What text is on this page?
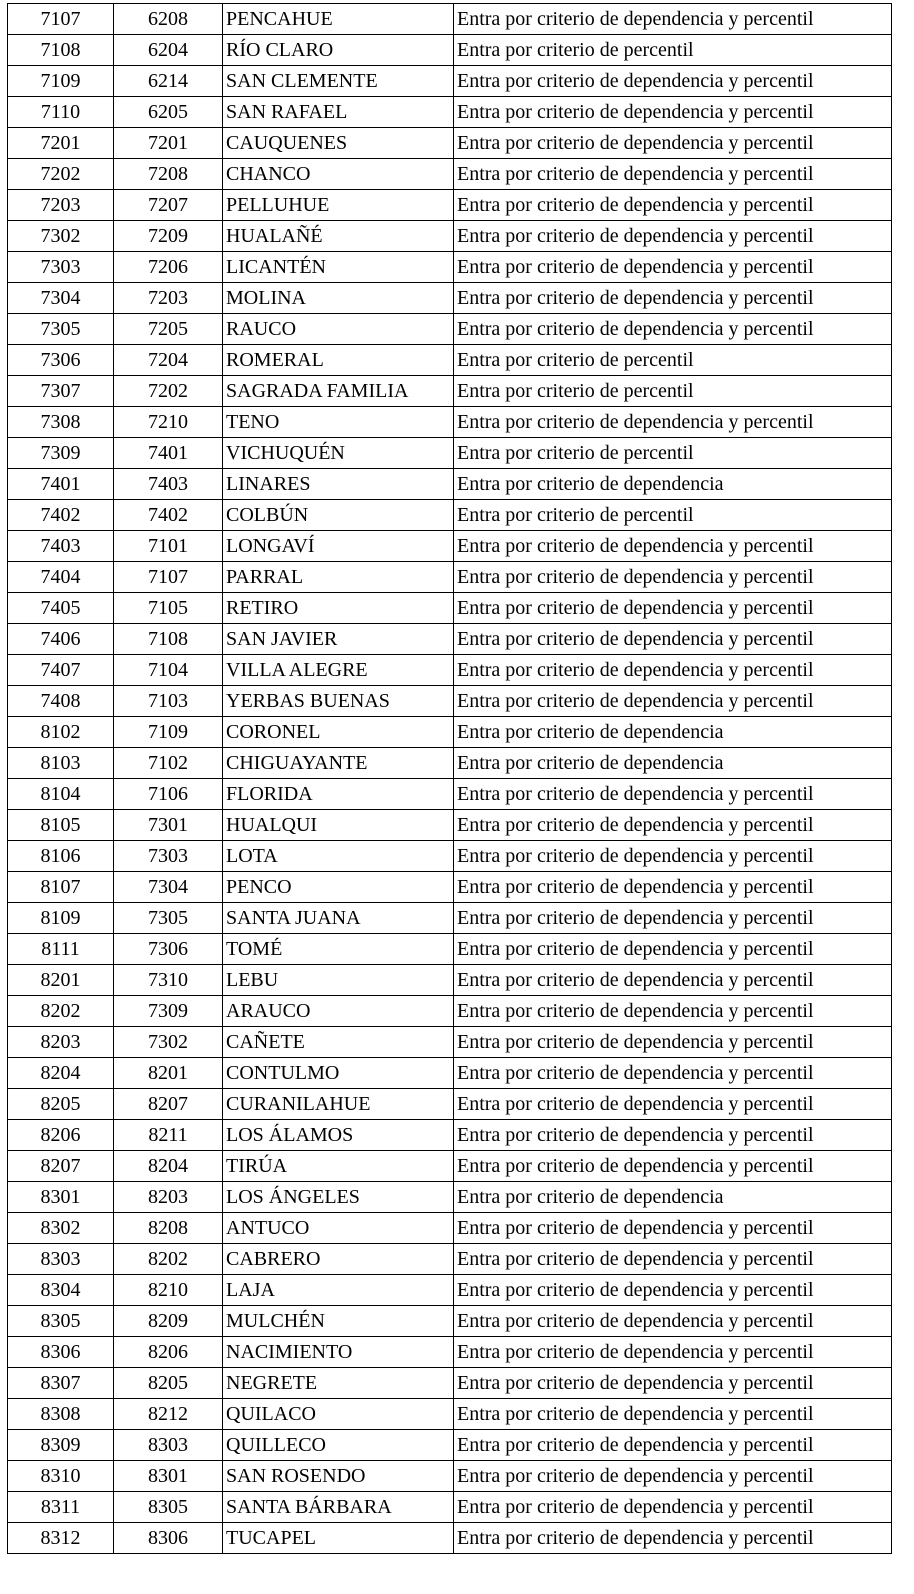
7107	6208	PENCAHUE	Entra por criterio de dependencia y percentil
7108	6204	RÍO CLARO	Entra por criterio de percentil
7109	6214	SAN CLEMENTE	Entra por criterio de dependencia y percentil
7110	6205	SAN RAFAEL	Entra por criterio de dependencia y percentil
7201	7201	CAUQUENES	Entra por criterio de dependencia y percentil
7202	7208	CHANCO	Entra por criterio de dependencia y percentil
7203	7207	PELLUHUE	Entra por criterio de dependencia y percentil
7302	7209	HUALAÑÉ	Entra por criterio de dependencia y percentil
7303	7206	LICANTÉN	Entra por criterio de dependencia y percentil
7304	7203	MOLINA	Entra por criterio de dependencia y percentil
7305	7205	RAUCO	Entra por criterio de dependencia y percentil
7306	7204	ROMERAL	Entra por criterio de percentil
7307	7202	SAGRADA FAMILIA	Entra por criterio de percentil
7308	7210	TENO	Entra por criterio de dependencia y percentil
7309	7401	VICHUQUÉN	Entra por criterio de percentil
7401	7403	LINARES	Entra por criterio de dependencia
7402	7402	COLBÚN	Entra por criterio de percentil
7403	7101	LONGAVÍ	Entra por criterio de dependencia y percentil
7404	7107	PARRAL	Entra por criterio de dependencia y percentil
7405	7105	RETIRO	Entra por criterio de dependencia y percentil
7406	7108	SAN JAVIER	Entra por criterio de dependencia y percentil
7407	7104	VILLA ALEGRE	Entra por criterio de dependencia y percentil
7408	7103	YERBAS BUENAS	Entra por criterio de dependencia y percentil
8102	7109	CORONEL	Entra por criterio de dependencia
8103	7102	CHIGUAYANTE	Entra por criterio de dependencia
8104	7106	FLORIDA	Entra por criterio de dependencia y percentil
8105	7301	HUALQUI	Entra por criterio de dependencia y percentil
8106	7303	LOTA	Entra por criterio de dependencia y percentil
8107	7304	PENCO	Entra por criterio de dependencia y percentil
8109	7305	SANTA JUANA	Entra por criterio de dependencia y percentil
8111	7306	TOMÉ	Entra por criterio de dependencia y percentil
8201	7310	LEBU	Entra por criterio de dependencia y percentil
8202	7309	ARAUCO	Entra por criterio de dependencia y percentil
8203	7302	CAÑETE	Entra por criterio de dependencia y percentil
8204	8201	CONTULMO	Entra por criterio de dependencia y percentil
8205	8207	CURANILAHUE	Entra por criterio de dependencia y percentil
8206	8211	LOS ÁLAMOS	Entra por criterio de dependencia y percentil
8207	8204	TIRÚA	Entra por criterio de dependencia y percentil
8301	8203	LOS ÁNGELES	Entra por criterio de dependencia
8302	8208	ANTUCO	Entra por criterio de dependencia y percentil
8303	8202	CABRERO	Entra por criterio de dependencia y percentil
8304	8210	LAJA	Entra por criterio de dependencia y percentil
8305	8209	MULCHÉN	Entra por criterio de dependencia y percentil
8306	8206	NACIMIENTO	Entra por criterio de dependencia y percentil
8307	8205	NEGRETE	Entra por criterio de dependencia y percentil
8308	8212	QUILACO	Entra por criterio de dependencia y percentil
8309	8303	QUILLECO	Entra por criterio de dependencia y percentil
8310	8301	SAN ROSENDO	Entra por criterio de dependencia y percentil
8311	8305	SANTA BÁRBARA	Entra por criterio de dependencia y percentil
8312	8306	TUCAPEL	Entra por criterio de dependencia y percentil
